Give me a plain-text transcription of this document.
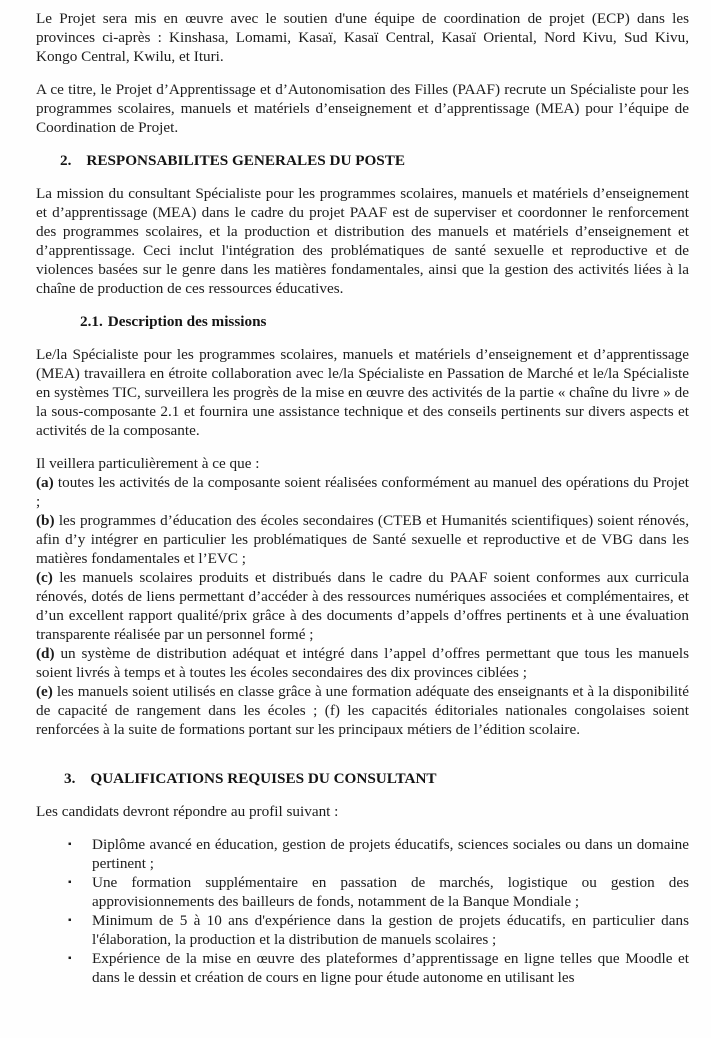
Le Projet sera mis en œuvre avec le soutien d'une équipe de coordination de projet (ECP) dans les provinces ci-après : Kinshasa, Lomami, Kasaï, Kasaï Central, Kasaï Oriental, Nord Kivu, Sud Kivu, Kongo Central, Kwilu, et Ituri.

A ce titre, le Projet d’Apprentissage et d’Autonomisation des Filles (PAAF) recrute un Spécialiste pour les programmes scolaires, manuels et matériels d’enseignement et d’apprentissage (MEA) pour l’équipe de Coordination de Projet.

2. RESPONSABILITES GENERALES DU POSTE

La mission du consultant Spécialiste pour les programmes scolaires, manuels et matériels d’enseignement et d’apprentissage (MEA) dans le cadre du projet PAAF est de superviser et coordonner le renforcement des programmes scolaires, et la production et distribution des manuels et matériels d’enseignement et d’apprentissage. Ceci inclut l'intégration des problématiques de santé sexuelle et reproductive et de violences basées sur le genre dans les matières fondamentales, ainsi que la gestion des activités liées à la chaîne de production de ces ressources éducatives.

2.1. Description des missions

Le/la Spécialiste pour les programmes scolaires, manuels et matériels d’enseignement et d’apprentissage (MEA) travaillera en étroite collaboration avec le/la Spécialiste en Passation de Marché et le/la Spécialiste en systèmes TIC, surveillera les progrès de la mise en œuvre des activités de la partie « chaîne du livre » de la sous-composante 2.1 et fournira une assistance technique et des conseils pertinents sur divers aspects et activités de la composante.

Il veillera particulièrement à ce que :

(a) toutes les activités de la composante soient réalisées conformément au manuel des opérations du Projet ;

(b) les programmes d’éducation des écoles secondaires (CTEB et Humanités scientifiques) soient rénovés, afin d’y intégrer en particulier les problématiques de Santé sexuelle et reproductive et de VBG dans les matières fondamentales et l’EVC ;

(c) les manuels scolaires produits et distribués dans le cadre du PAAF soient conformes aux curricula rénovés, dotés de liens permettant d’accéder à des ressources numériques associées et complémentaires, et d’un excellent rapport qualité/prix grâce à des documents d’appels d’offres pertinents et à une évaluation transparente réalisée par un personnel formé ;

(d) un système de distribution adéquat et intégré dans l’appel d’offres permettant que tous les manuels soient livrés à temps et à toutes les écoles secondaires des dix provinces ciblées ;

(e) les manuels soient utilisés en classe grâce à une formation adéquate des enseignants et à la disponibilité de capacité de rangement dans les écoles ; (f) les capacités éditoriales nationales congolaises soient renforcées à la suite de formations portant sur les principaux métiers de l’édition scolaire.

3. QUALIFICATIONS REQUISES DU CONSULTANT

Les candidats devront répondre au profil suivant :

▪ Diplôme avancé en éducation, gestion de projets éducatifs, sciences sociales ou dans un domaine pertinent ;
▪ Une formation supplémentaire en passation de marchés, logistique ou gestion des approvisionnements des bailleurs de fonds, notamment de la Banque Mondiale ;
▪ Minimum de 5 à 10 ans d'expérience dans la gestion de projets éducatifs, en particulier dans l'élaboration, la production et la distribution de manuels scolaires ;
▪ Expérience de la mise en œuvre des plateformes d’apprentissage en ligne telles que Moodle et dans le dessin et création de cours en ligne pour étude autonome en utilisant les
